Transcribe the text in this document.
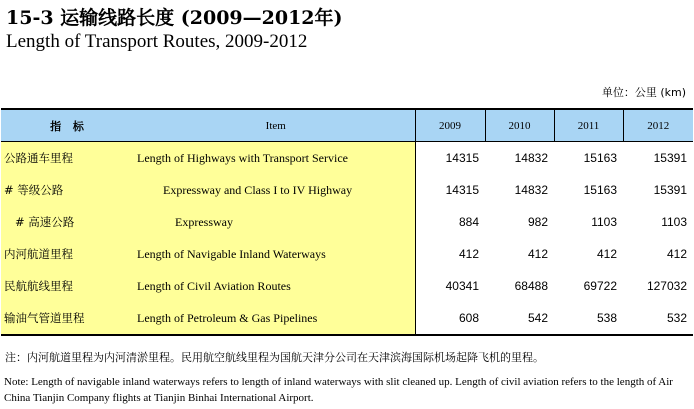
15-3 运输线路长度 (2009—2012年)
Length of Transport Routes, 2009-2012
单位：公里 (km)
指 标	Item	2009	2010	2011	2012
公路通车里程	Length of Highways with Transport Service	14315	14832	15163	15391
# 等级公路	Expressway and Class I to IV Highway	14315	14832	15163	15391
# 高速公路	Expressway	884	982	1103	1103
内河航道里程	Length of Navigable Inland Waterways	412	412	412	412
民航航线里程	Length of Civil Aviation Routes	40341	68488	69722	127032
输油气管道里程	Length of Petroleum & Gas Pipelines	608	542	538	532
注：内河航道里程为内河清淤里程。民用航空航线里程为国航天津分公司在天津滨海国际机场起降飞机的里程。
Note: Length of navigable inland waterways refers to length of inland waterways with slit cleaned up. Length of civil aviation refers to the length of Air China Tianjin Company flights at Tianjin Binhai International Airport.
